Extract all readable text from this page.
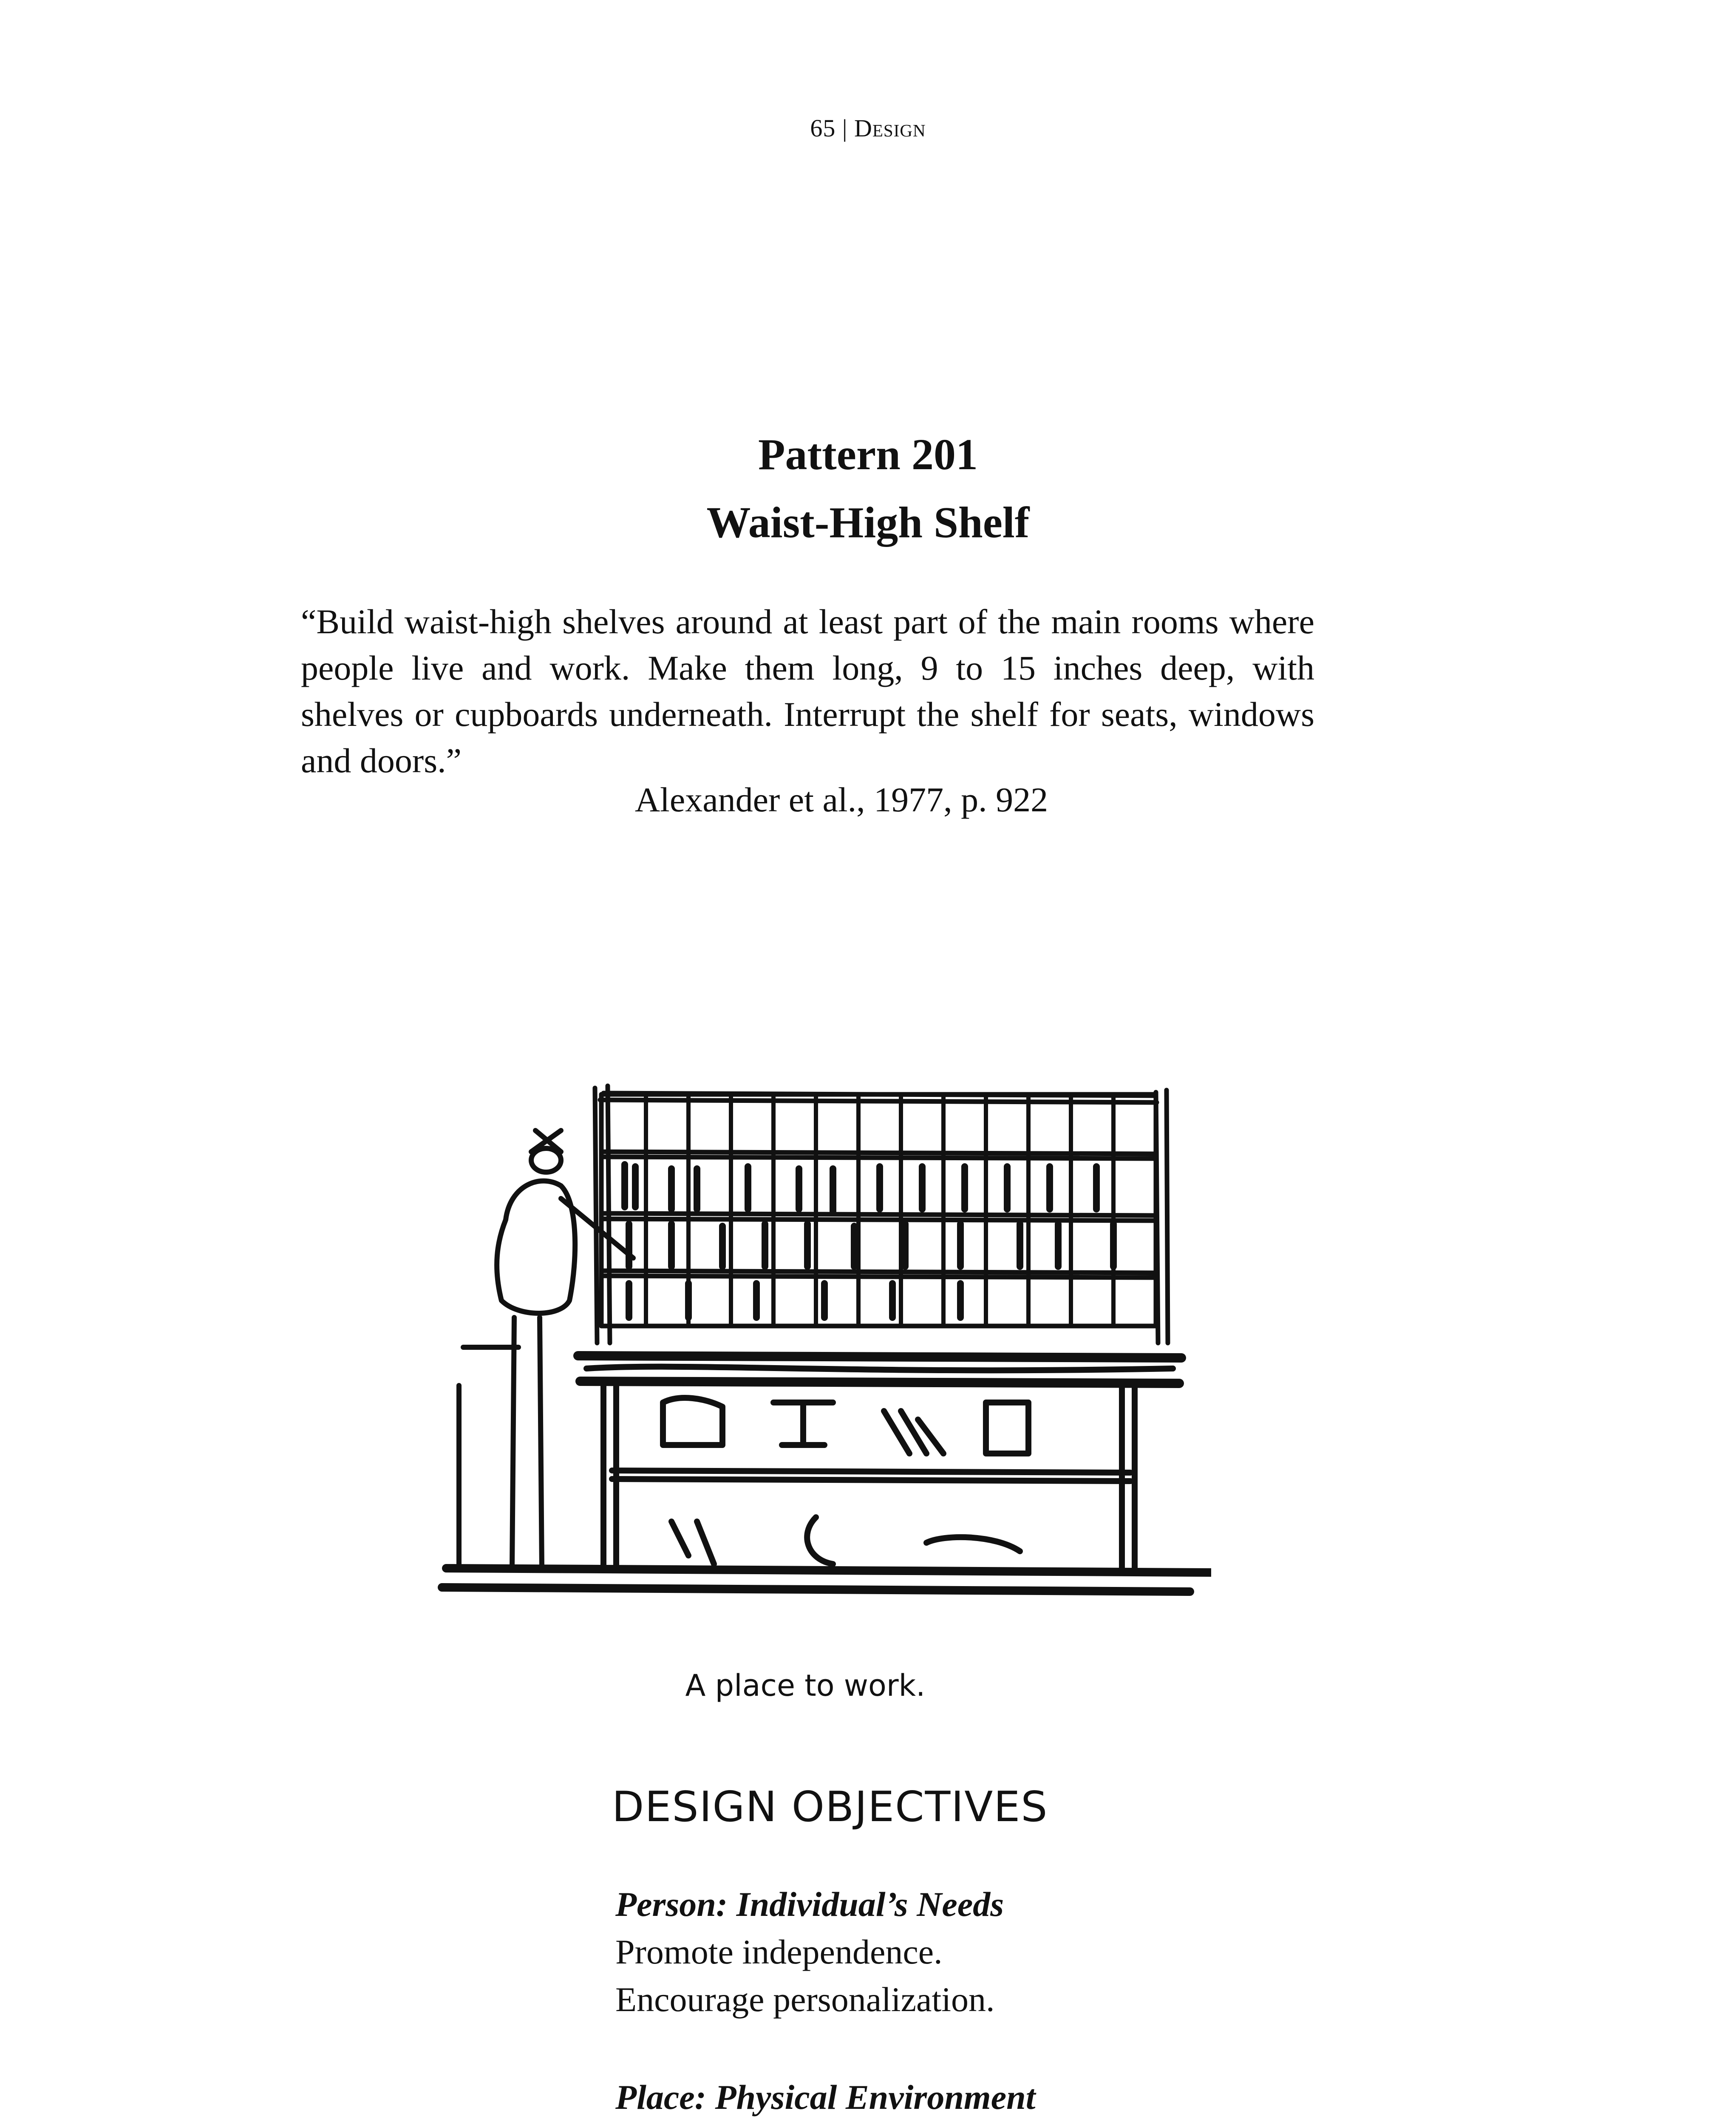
65 | Design
Pattern 201
Waist-High Shelf
“Build waist-high shelves around at least part of the main rooms where
people live and work. Make them long, 9 to 15 inches deep, with
shelves or cupboards underneath. Interrupt the shelf for seats, windows
and doors.”
Alexander et al., 1977, p. 922
A place to work.
DESIGN OBJECTIVES
Person: Individual’s Needs
Promote independence.
Encourage personalization.
Place: Physical Environment
